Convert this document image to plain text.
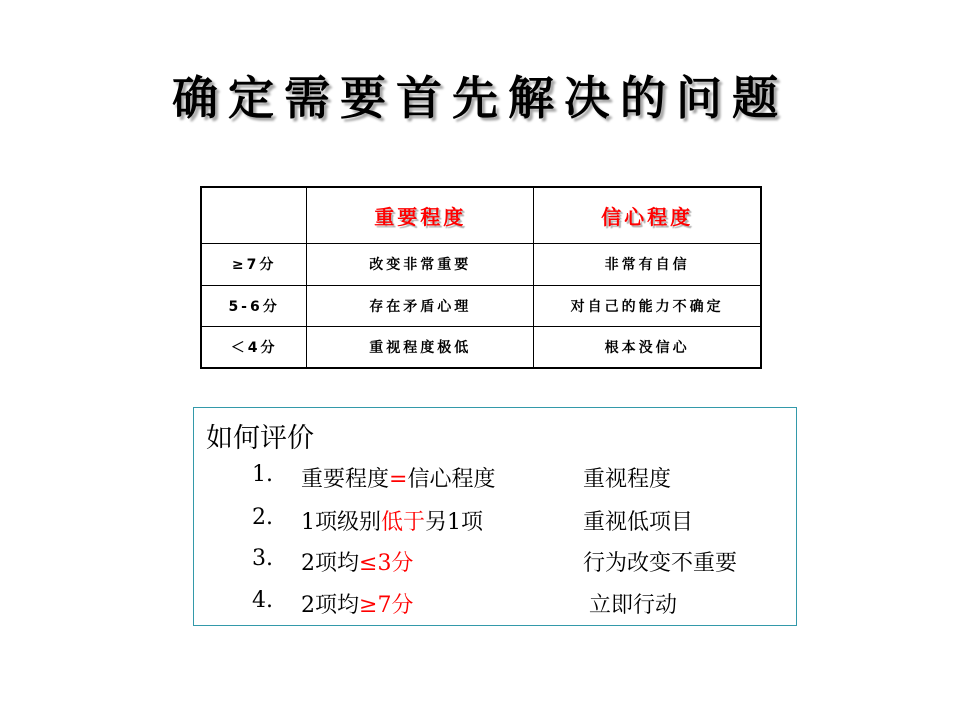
确定需要首先解决的问题
	重要程度	信心程度
≥7分	改变非常重要	非常有自信
5-6分	存在矛盾心理	对自己的能力不确定
＜4分	重视程度极低	根本没信心
如何评价
1. 重要程度=信心程度	重视程度
2. 1项级别低于另1项	重视低项目
3. 2项均≤3分	行为改变不重要
4. 2项均≥7分	立即行动
